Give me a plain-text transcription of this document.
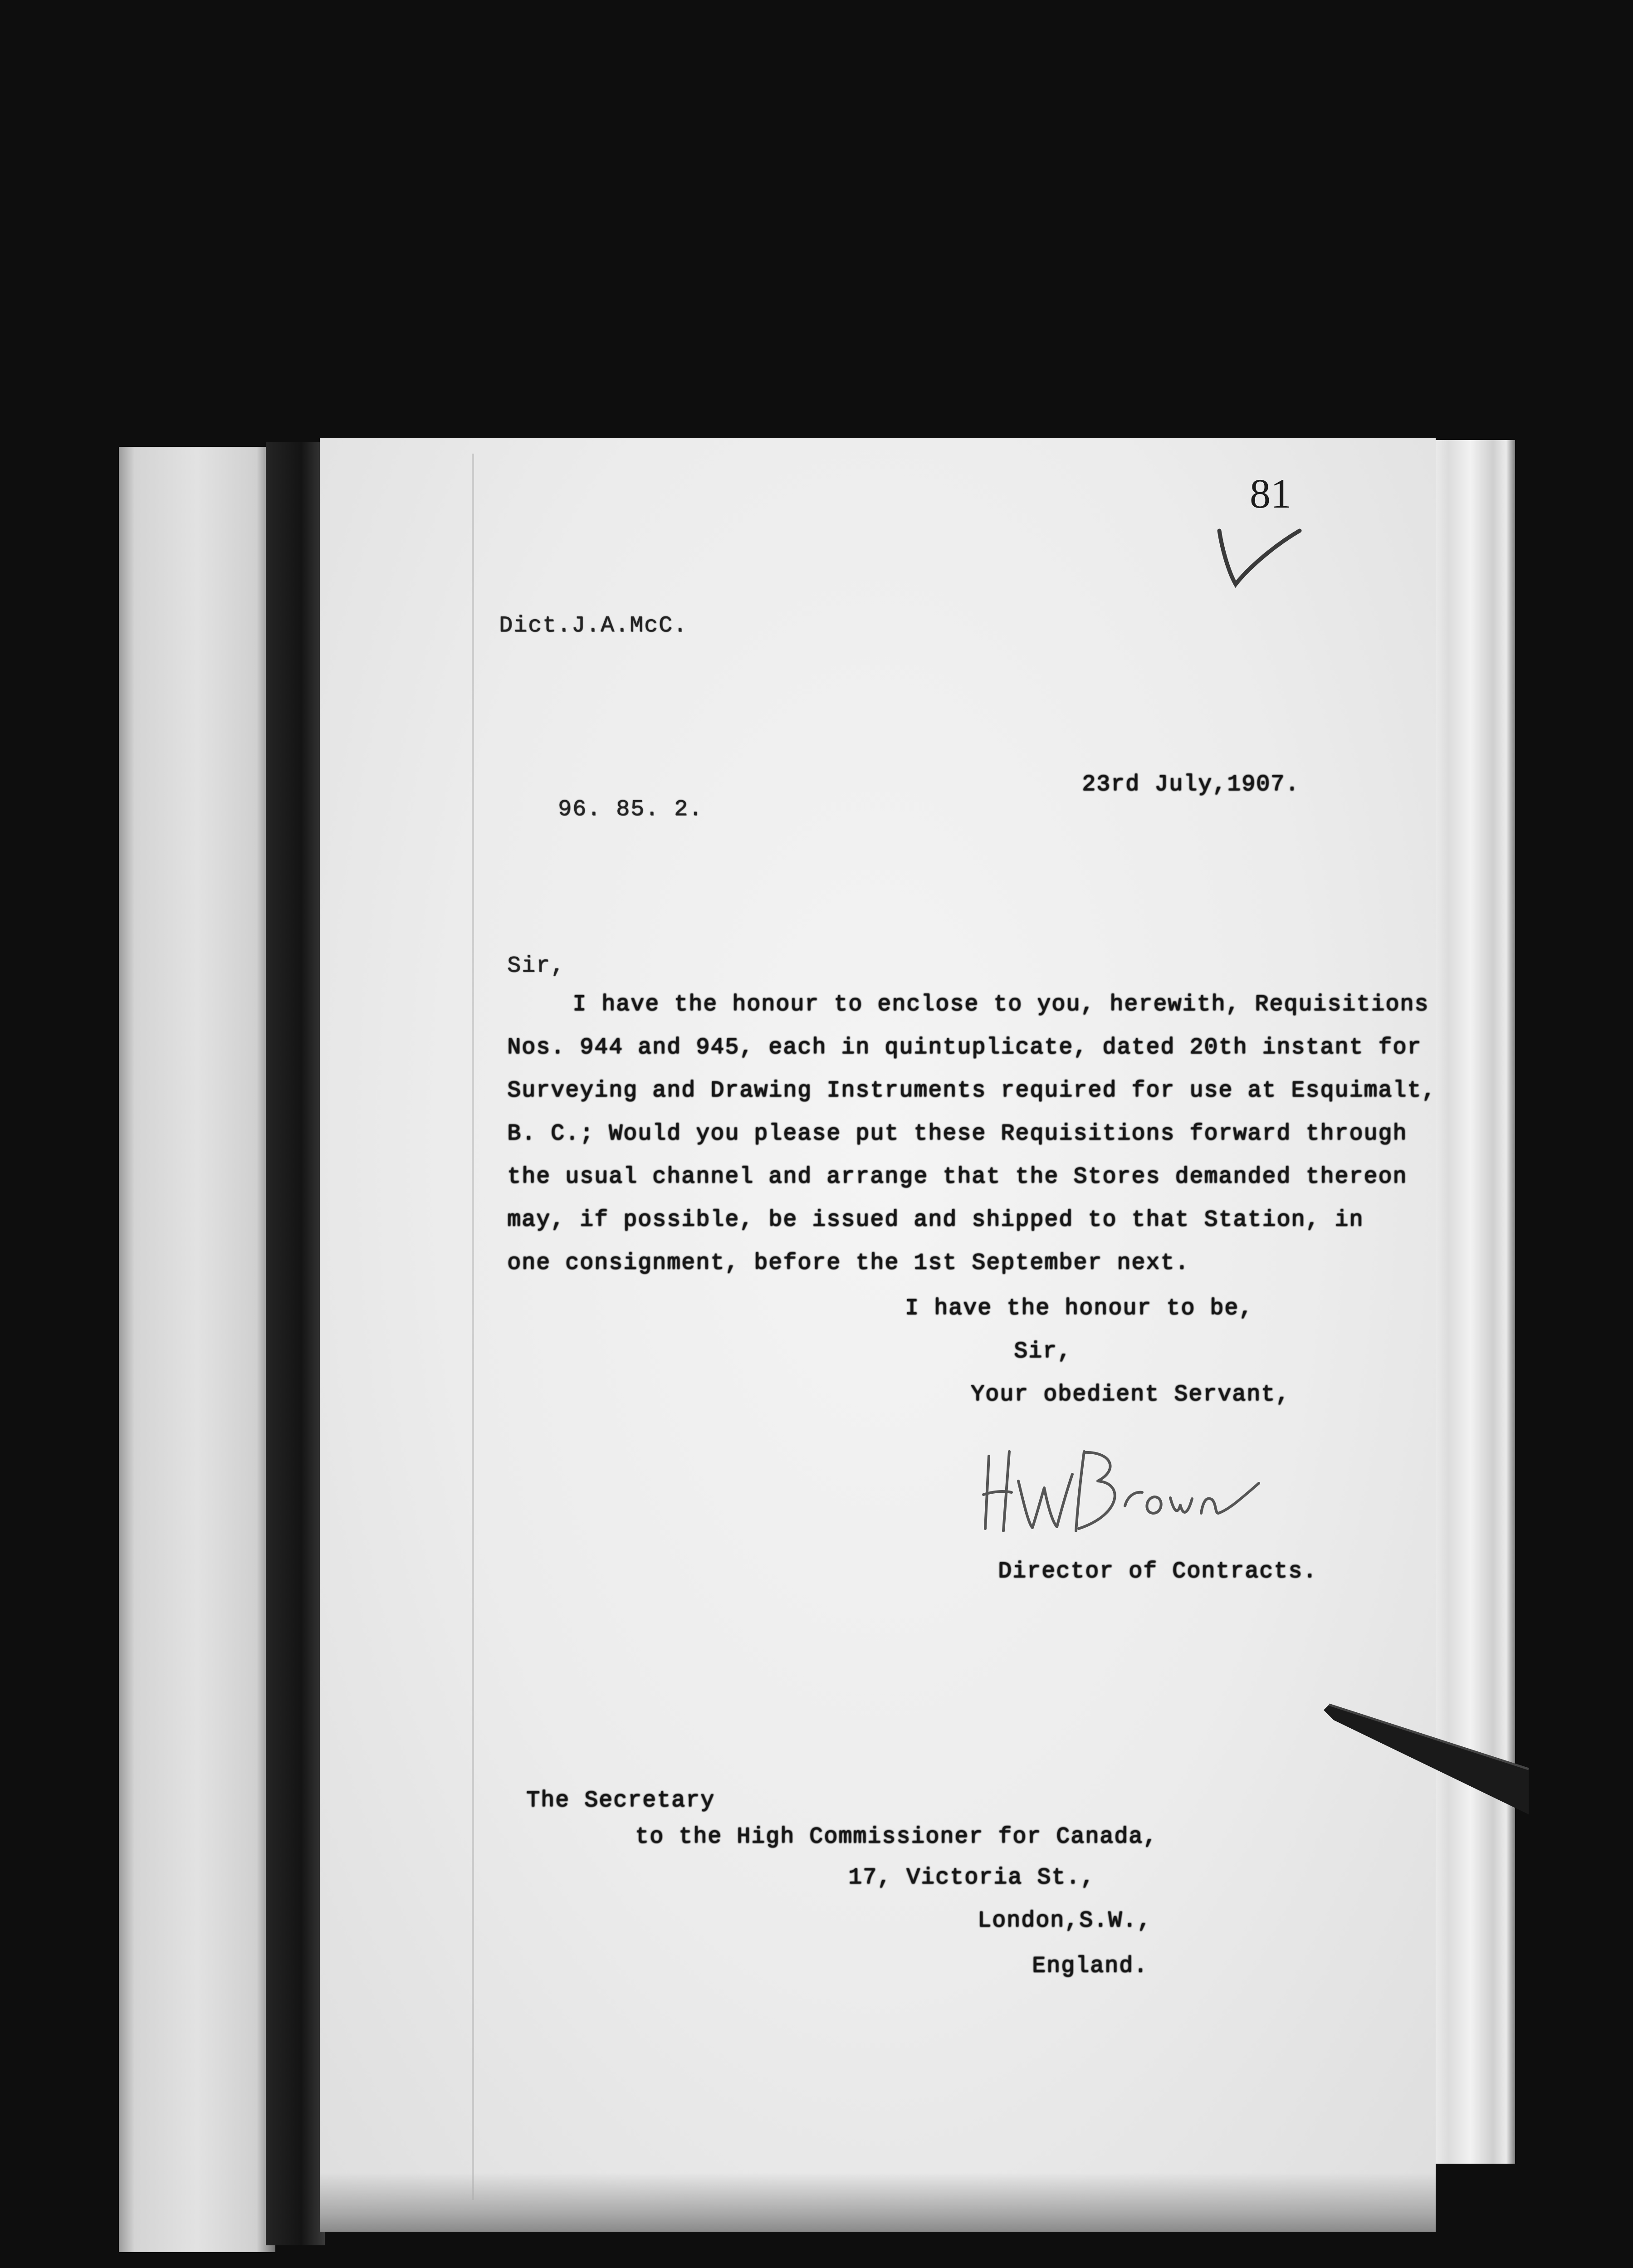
81

Dict.J.A.McC.

96. 85. 2.

23rd July,1907.

Sir,

I have the honour to enclose to you, herewith, Requisitions

Nos. 944 and 945, each in quintuplicate, dated 20th instant for

Surveying and Drawing Instruments required for use at Esquimalt,

B. C.; Would you please put these Requisitions forward through

the usual channel and arrange that the Stores demanded thereon

may, if possible, be issued and shipped to that Station, in

one consignment, before the 1st September next.

I have the honour to be,

Sir,

Your obedient Servant,

Director of Contracts.

The Secretary

to the High Commissioner for Canada,

17, Victoria St.,

London,S.W.,

England.
